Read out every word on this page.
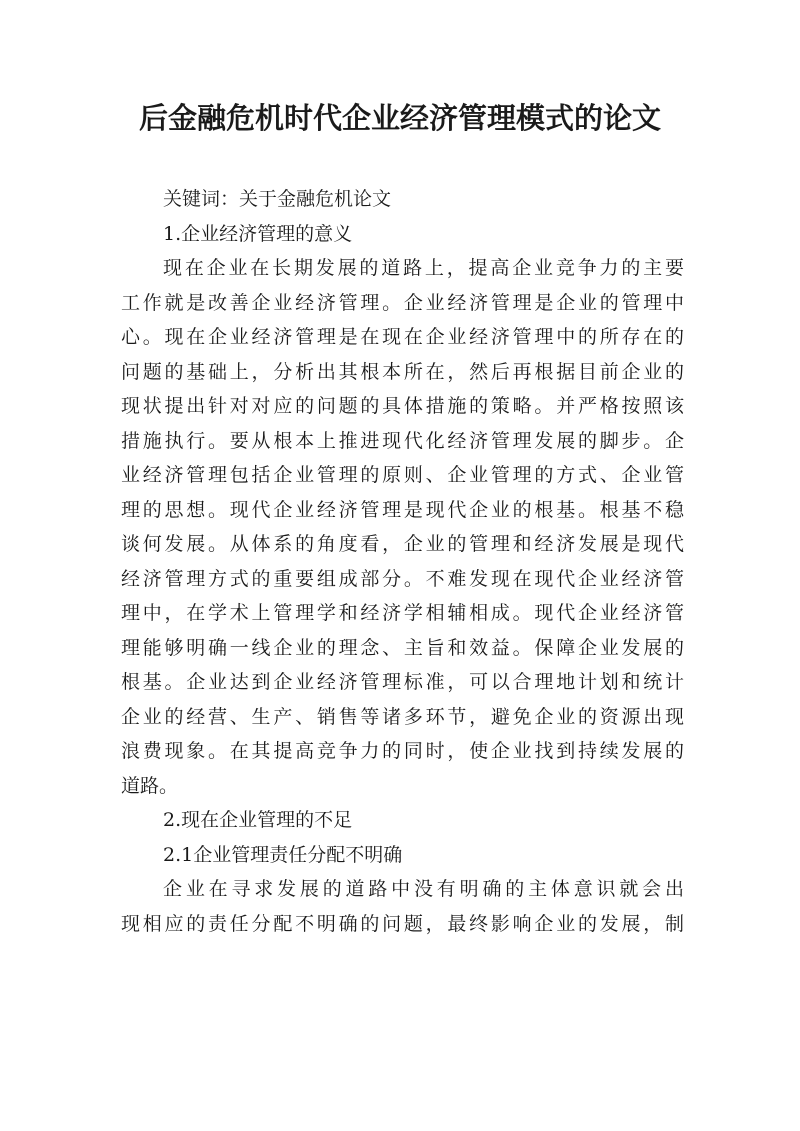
后金融危机时代企业经济管理模式的论文
关键词：关于金融危机论文
1.企业经济管理的意义
现在企业在长期发展的道路上，提高企业竞争力的主要
工作就是改善企业经济管理。企业经济管理是企业的管理中
心。现在企业经济管理是在现在企业经济管理中的所存在的
问题的基础上，分析出其根本所在，然后再根据目前企业的
现状提出针对对应的问题的具体措施的策略。并严格按照该
措施执行。要从根本上推进现代化经济管理发展的脚步。企
业经济管理包括企业管理的原则、企业管理的方式、企业管
理的思想。现代企业经济管理是现代企业的根基。根基不稳
谈何发展。从体系的角度看，企业的管理和经济发展是现代
经济管理方式的重要组成部分。不难发现在现代企业经济管
理中，在学术上管理学和经济学相辅相成。现代企业经济管
理能够明确一线企业的理念、主旨和效益。保障企业发展的
根基。企业达到企业经济管理标准，可以合理地计划和统计
企业的经营、生产、销售等诸多环节，避免企业的资源出现
浪费现象。在其提高竞争力的同时，使企业找到持续发展的
道路。
2.现在企业管理的不足
2.1企业管理责任分配不明确
企业在寻求发展的道路中没有明确的主体意识就会出
现相应的责任分配不明确的问题，最终影响企业的发展，制
